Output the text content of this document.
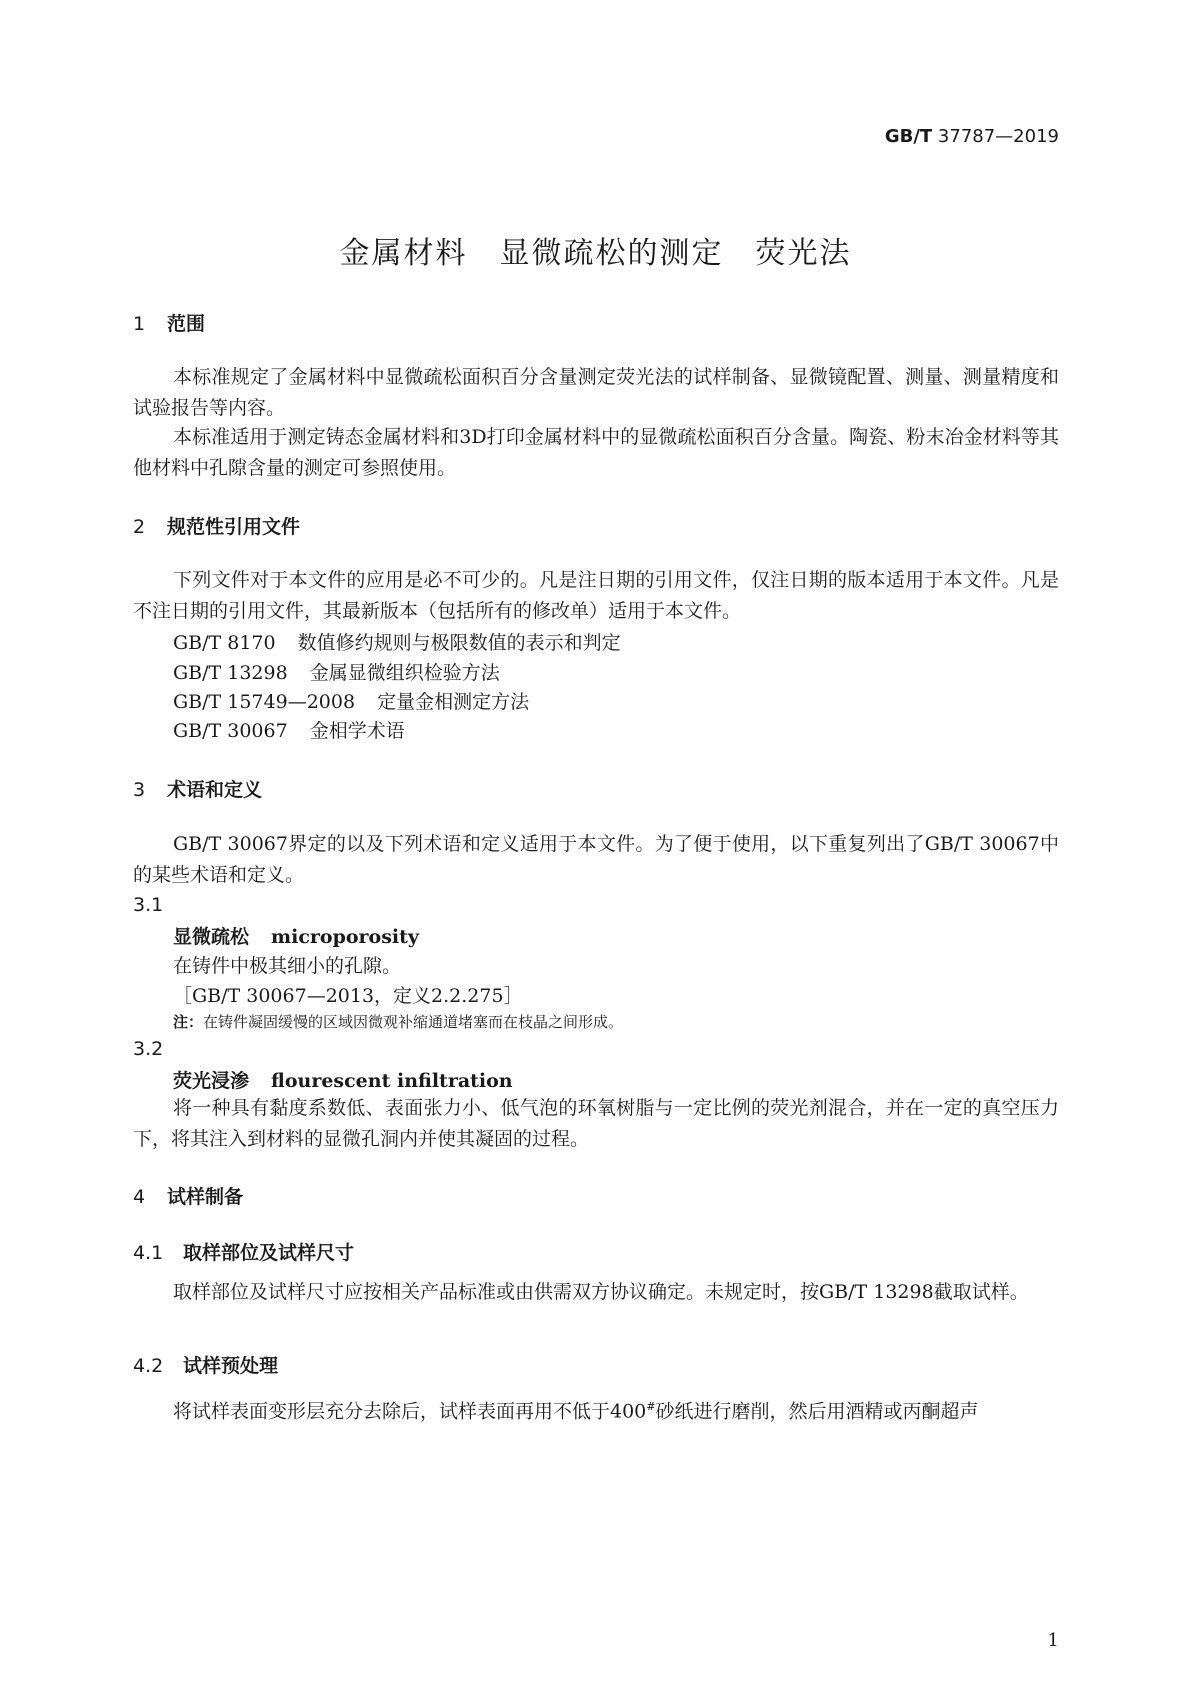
GB/T 37787—2019
金属材料　显微疏松的测定　荧光法
1 范围
本标准规定了金属材料中显微疏松面积百分含量测定荧光法的试样制备、显微镜配置、测量、测量精度和试验报告等内容。
本标准适用于测定铸态金属材料和3D打印金属材料中的显微疏松面积百分含量。陶瓷、粉末冶金材料等其他材料中孔隙含量的测定可参照使用。
2 规范性引用文件
下列文件对于本文件的应用是必不可少的。凡是注日期的引用文件，仅注日期的版本适用于本文件。凡是不注日期的引用文件，其最新版本（包括所有的修改单）适用于本文件。
GB/T 8170 数值修约规则与极限数值的表示和判定
GB/T 13298 金属显微组织检验方法
GB/T 15749—2008 定量金相测定方法
GB/T 30067 金相学术语
3 术语和定义
GB/T 30067界定的以及下列术语和定义适用于本文件。为了便于使用，以下重复列出了GB/T 30067中的某些术语和定义。
3.1
显微疏松 microporosity
在铸件中极其细小的孔隙。
［GB/T 30067—2013，定义2.2.275］
注：在铸件凝固缓慢的区域因微观补缩通道堵塞而在枝晶之间形成。
3.2
荧光浸渗 flourescent infiltration
将一种具有黏度系数低、表面张力小、低气泡的环氧树脂与一定比例的荧光剂混合，并在一定的真空压力下，将其注入到材料的显微孔洞内并使其凝固的过程。
4 试样制备
4.1 取样部位及试样尺寸
取样部位及试样尺寸应按相关产品标准或由供需双方协议确定。未规定时，按GB/T 13298截取试样。
4.2 试样预处理
将试样表面变形层充分去除后，试样表面再用不低于400#砂纸进行磨削，然后用酒精或丙酮超声
1
